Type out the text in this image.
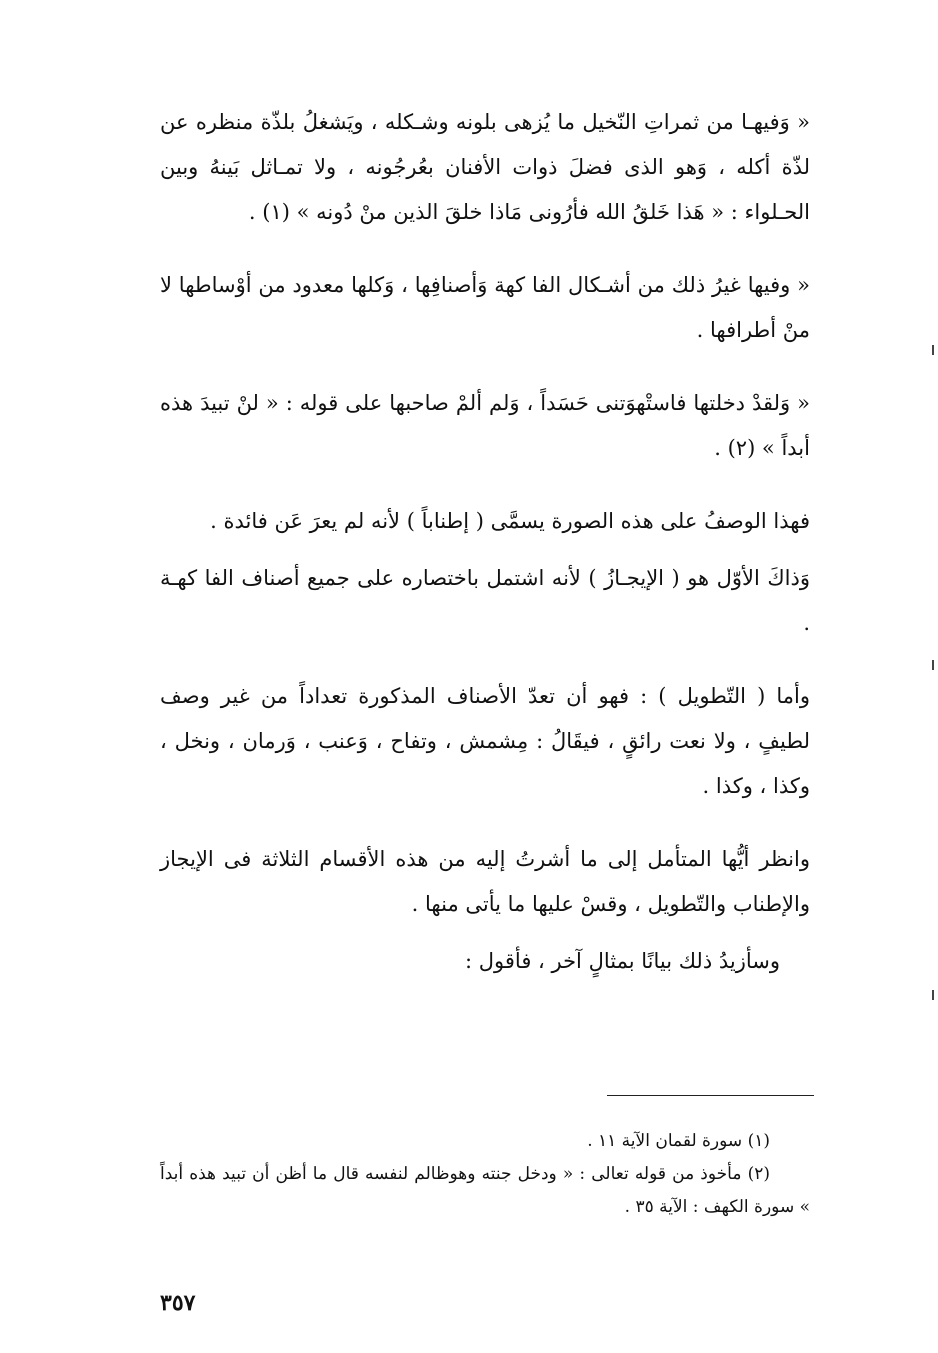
« وَفيهـا من ثمراتِ النّخيل ما يُزهى بلونه وشـكله ، ويَشغلُ بلذّة منظره عن لذّة أكله ، وَهو الذى فضلَ ذوات الأفنان بعُرجُونه ، ولا تمـاثل بَينهُ وبين الحـلواء : « هَذا خَلقُ الله فأرُونى مَاذا خلقَ الذين منْ دُونه » (١) .

« وفيها غيرُ ذلك من أشـكال الفا كهة وَأصنافِها ، وَكلها معدود من أوْساطها لا منْ أطرافها .

« وَلقدْ دخلتها فاستْهوَتنى حَسَداً ، وَلم ألمْ صاحبها على قوله : « لنْ تبيدَ هذه أبداً » (٢) .

فهذا الوصفُ على هذه الصورة يسمَّى ( إطناباً ) لأنه لم يعرَ عَن فائدة .

وَذاكَ الأوّل هو ( الإيجـازُ ) لأنه اشتمل باختصاره على جميع أصناف الفا كهـة .

وأما ( التّطويل ) : فهو أن تعدّ الأصناف المذكورة تعداداً من غير وصف لطيفٍ ، ولا نعت رائقٍ ، فيقَالُ : مِشمش ، وتفاح ، وَعنب ، وَرمان ، ونخل ، وكذا ، وكذا .

وانظر أيُّها المتأمل إلى ما أشرتُ إليه من هذه الأقسام الثلاثة فى الإيجاز والإطناب والتّطويل ، وقسْ عليها ما يأتى منها .

وسأزيدُ ذلك بيانًا بمثالٍ آخر ، فأقول :

(١) سورة لقمان الآية ١١ .

(٢) مأخوذ من قوله تعالى : « ودخل جنته وهوظالم لنفسه قال ما أظن أن تبيد هذه أبداً » سورة الكهف : الآية ٣٥ .

٣٥٧
